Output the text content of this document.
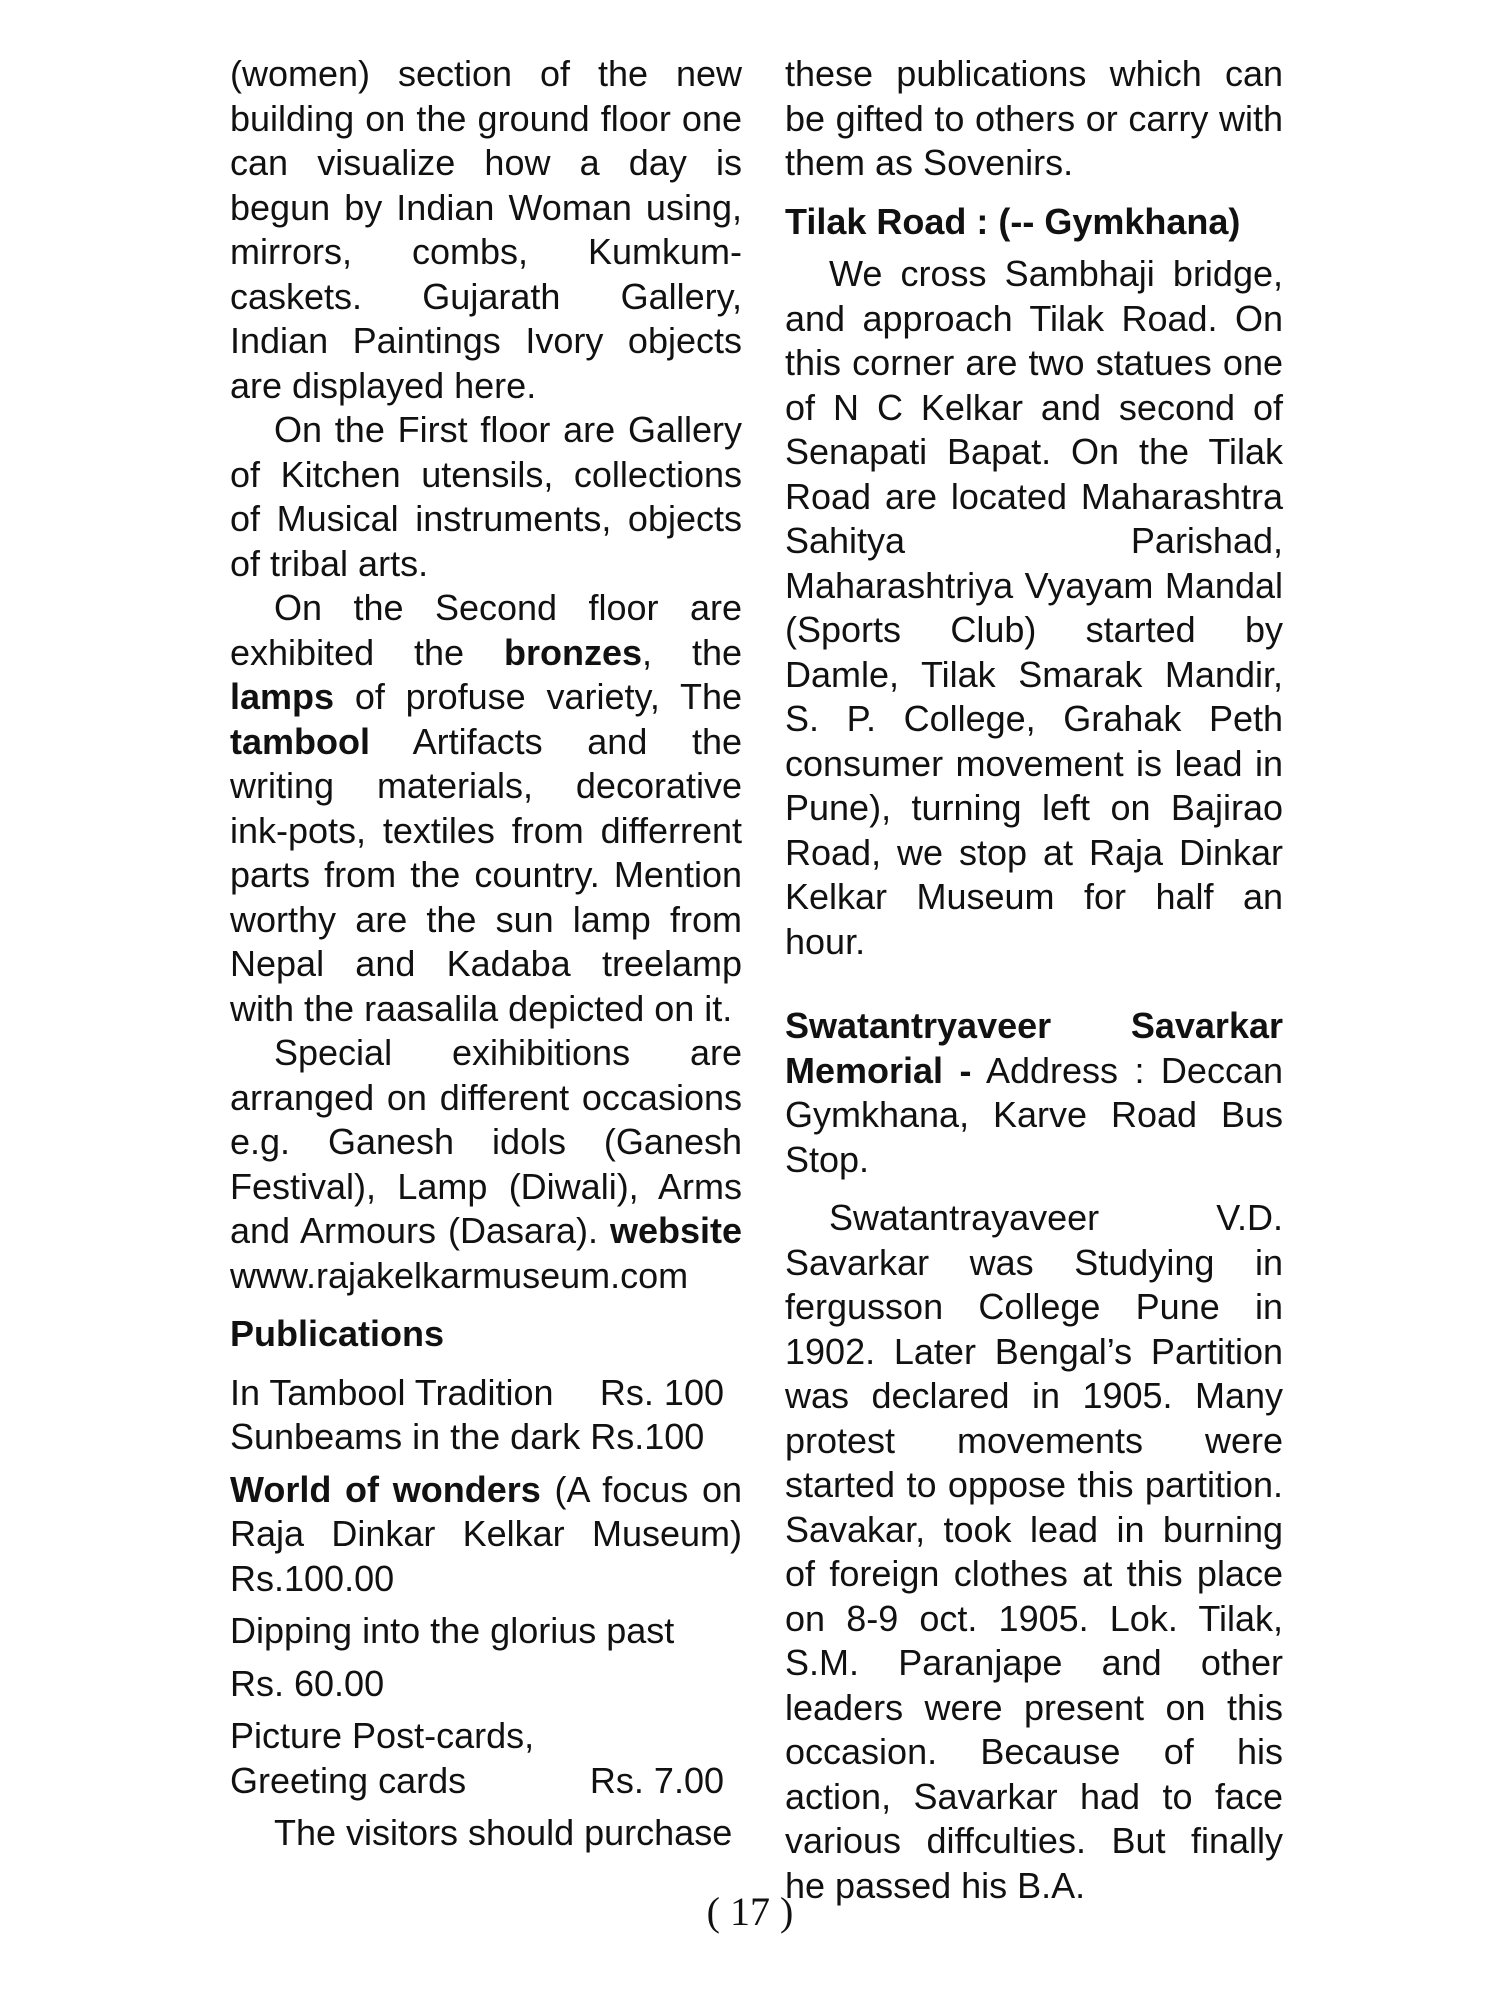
(women) section of the new building on the ground floor one can visualize how a day is begun by Indian Woman using, mirrors, combs, Kumkum-caskets. Gujarath Gallery, Indian Paintings Ivory objects are displayed here.

On the First floor are Gallery of Kitchen utensils, collections of Musical instruments, objects of tribal arts.

On the Second floor are exhibited the bronzes, the lamps of profuse variety, The tambool Artifacts and the writing materials, decorative ink-pots, textiles from differrent parts from the country. Mention worthy are the sun lamp from Nepal and Kadaba treelamp with the raasalila depicted on it.

Special exihibitions are arranged on different occasions e.g. Ganesh idols (Ganesh Festival), Lamp (Diwali), Arms and Armours (Dasara). website www.rajakelkarmuseum.com

Publications

In Tambool Tradition Rs. 100
Sunbeams in the dark Rs.100

World of wonders (A focus on Raja Dinkar Kelkar Museum) Rs.100.00

Dipping into the glorius past
Rs. 60.00
Picture Post-cards,
Greeting cards	Rs. 7.00

The visitors should purchase

these publications which can be gifted to others or carry with them as Sovenirs.

Tilak Road : (-- Gymkhana)

We cross Sambhaji bridge, and approach Tilak Road. On this corner are two statues one of N C Kelkar and second of Senapati Bapat. On the Tilak Road are located Maharashtra Sahitya Parishad, Maharashtriya Vyayam Mandal (Sports Club) started by Damle, Tilak Smarak Mandir, S. P. College, Grahak Peth consumer movement is lead in Pune), turning left on Bajirao Road, we stop at Raja Dinkar Kelkar Museum for half an hour.

Swatantryaveer Savarkar Memorial - Address : Deccan Gymkhana, Karve Road Bus Stop.

Swatantrayaveer V.D. Savarkar was Studying in fergusson College Pune in 1902. Later Bengal’s Partition was declared in 1905. Many protest movements were started to oppose this partition. Savakar, took lead in burning of foreign clothes at this place on 8-9 oct. 1905. Lok. Tilak, S.M. Paranjape and other leaders were present on this occasion. Because of his action, Savarkar had to face various diffculties. But finally he passed his B.A.

( 17 )
